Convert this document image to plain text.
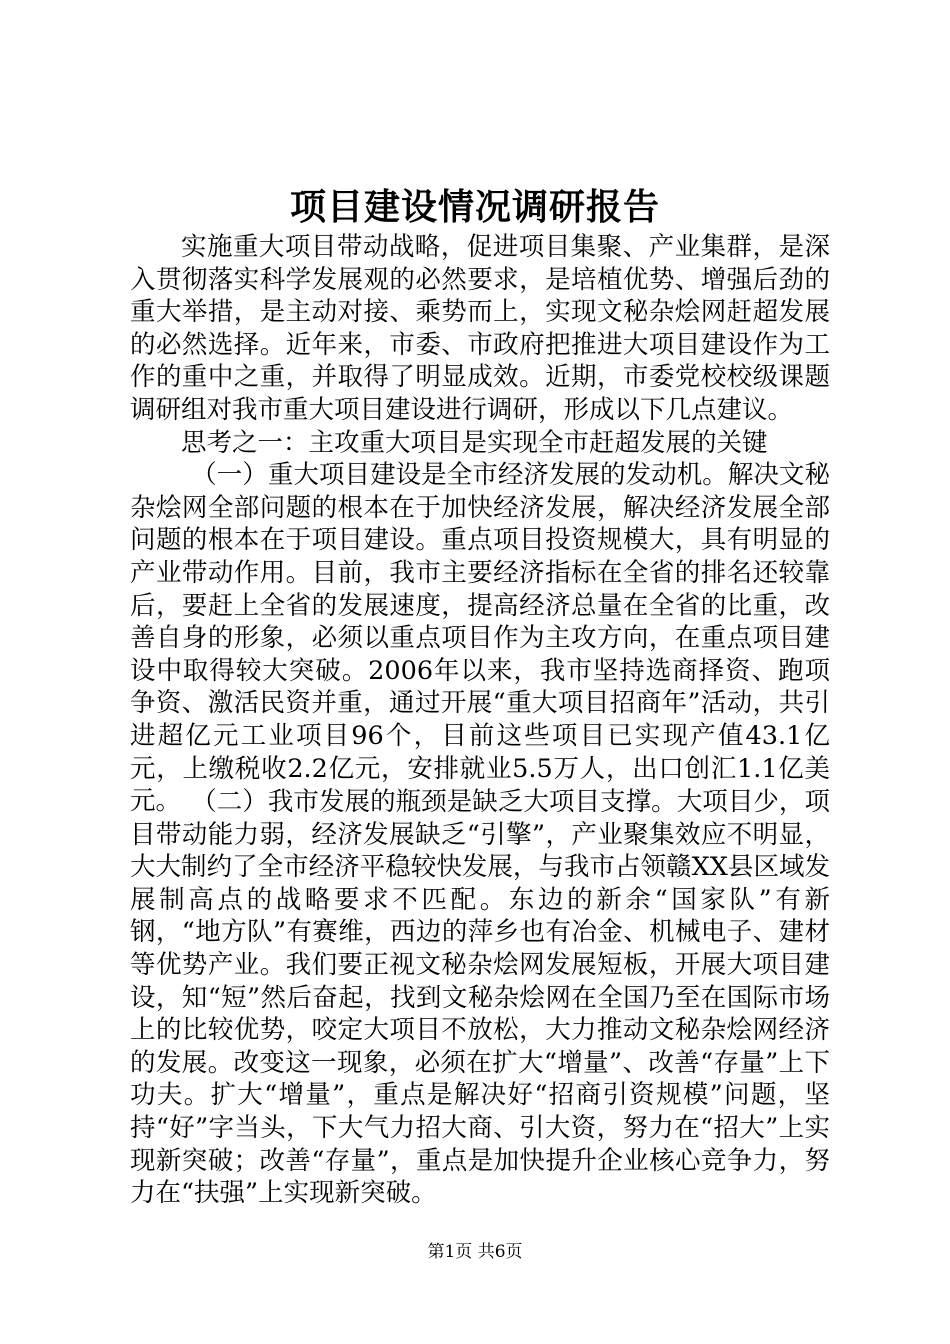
项目建设情况调研报告

实施重大项目带动战略，促进项目集聚、产业集群，是深入贯彻落实科学发展观的必然要求，是培植优势、增强后劲的重大举措，是主动对接、乘势而上，实现文秘杂烩网赶超发展的必然选择。近年来，市委、市政府把推进大项目建设作为工作的重中之重，并取得了明显成效。近期，市委党校校级课题调研组对我市重大项目建设进行调研，形成以下几点建议。

思考之一：主攻重大项目是实现全市赶超发展的关键

（一）重大项目建设是全市经济发展的发动机。解决文秘杂烩网全部问题的根本在于加快经济发展，解决经济发展全部问题的根本在于项目建设。重点项目投资规模大，具有明显的产业带动作用。目前，我市主要经济指标在全省的排名还较靠后，要赶上全省的发展速度，提高经济总量在全省的比重，改善自身的形象，必须以重点项目作为主攻方向，在重点项目建设中取得较大突破。2006年以来，我市坚持选商择资、跑项争资、激活民资并重，通过开展“重大项目招商年”活动，共引进超亿元工业项目96个，目前这些项目已实现产值43.1亿元，上缴税收2.2亿元，安排就业5.5万人，出口创汇1.1亿美元。 （二）我市发展的瓶颈是缺乏大项目支撑。大项目少，项目带动能力弱，经济发展缺乏“引擎”，产业聚集效应不明显，大大制约了全市经济平稳较快发展，与我市占领赣XX县区域发展制高点的战略要求不匹配。东边的新余“国家队”有新钢，“地方队”有赛维，西边的萍乡也有冶金、机械电子、建材等优势产业。我们要正视文秘杂烩网发展短板，开展大项目建设，知“短”然后奋起，找到文秘杂烩网在全国乃至在国际市场上的比较优势，咬定大项目不放松，大力推动文秘杂烩网经济的发展。改变这一现象，必须在扩大“增量”、改善“存量”上下功夫。扩大“增量”，重点是解决好“招商引资规模”问题，坚持“好”字当头，下大气力招大商、引大资，努力在“招大”上实现新突破；改善“存量”，重点是加快提升企业核心竞争力，努力在“扶强”上实现新突破。

第1页 共6页
